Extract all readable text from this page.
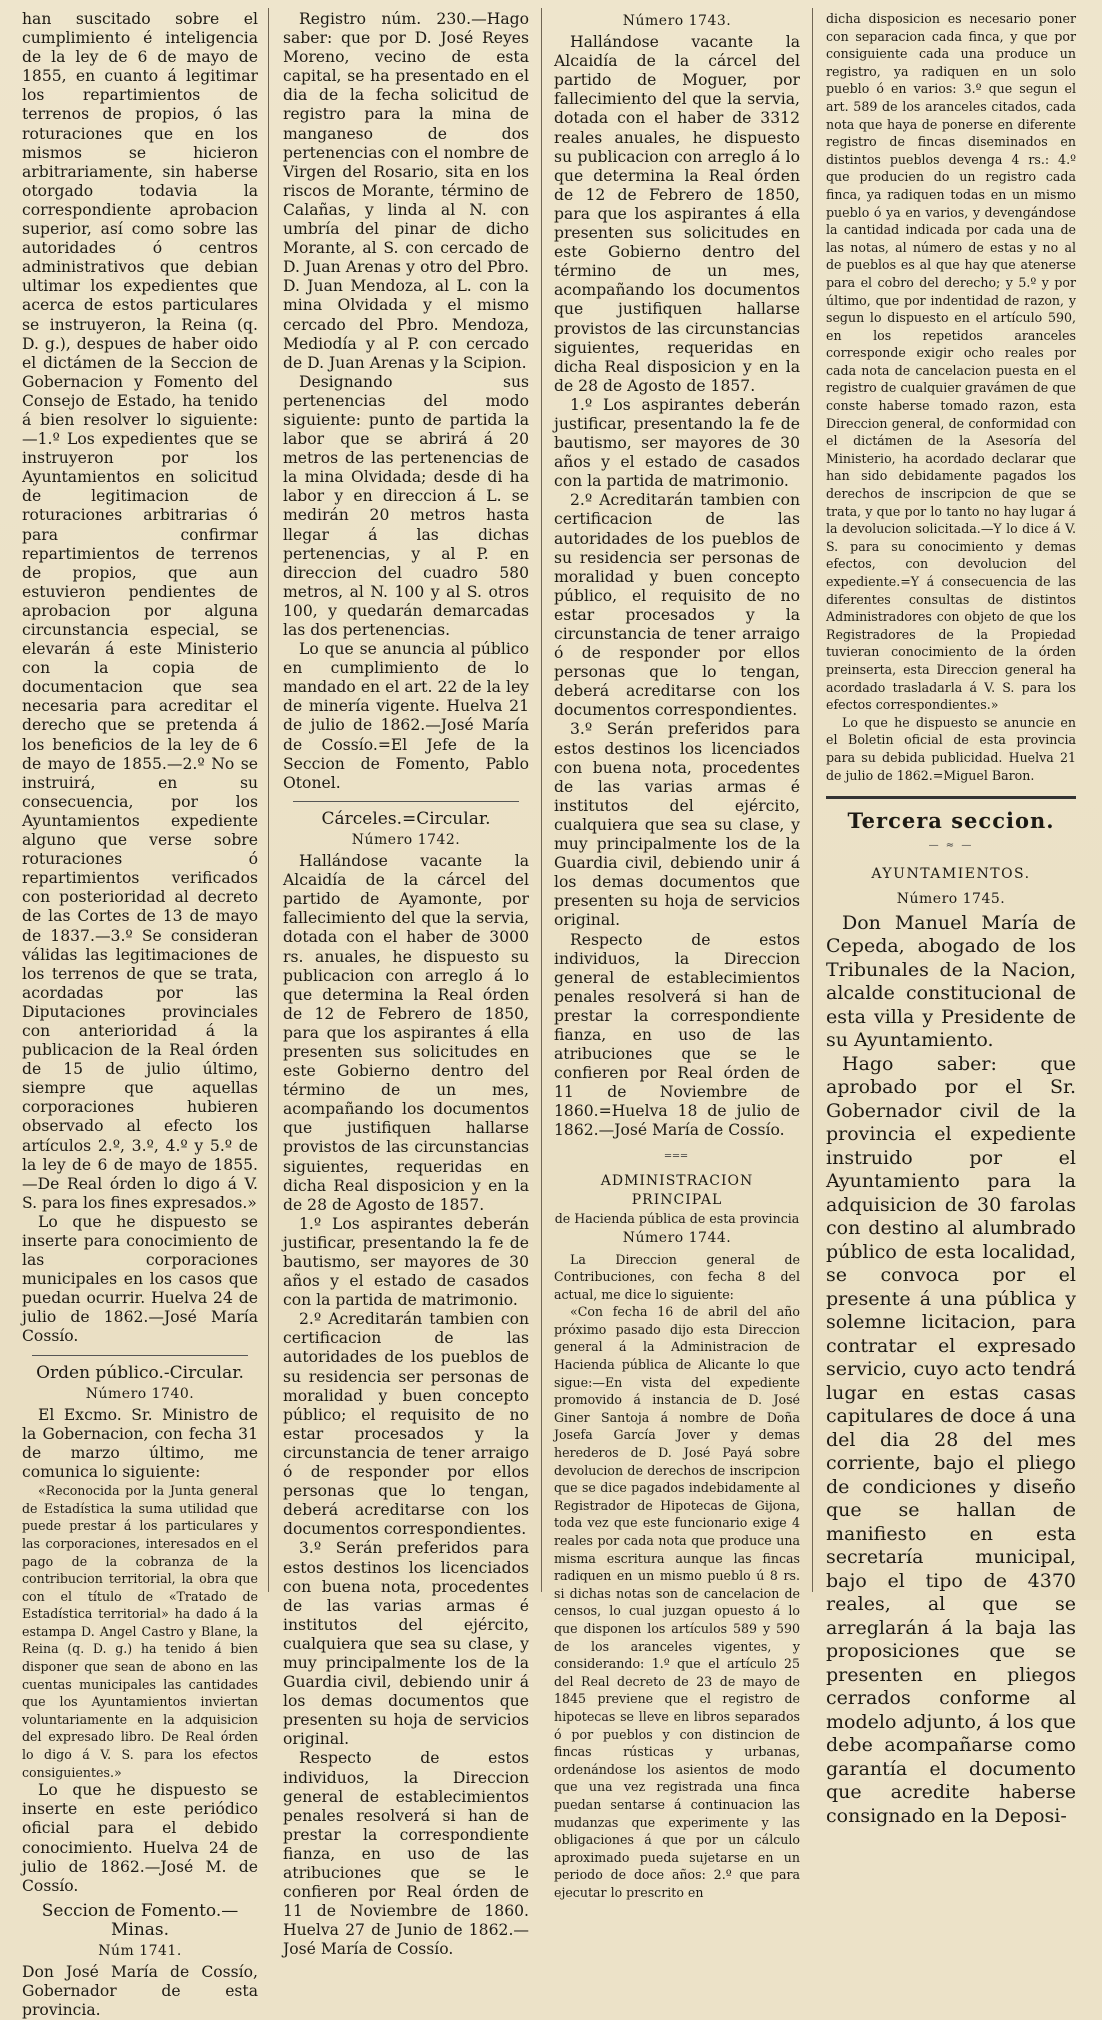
han suscitado sobre el cumplimiento é inteligencia de la ley de 6 de mayo de 1855, en cuanto á legitimar los repartimientos de terrenos de propios, ó las roturaciones que en los mismos se hicieron arbitrariamente, sin haberse otorgado todavia la correspondiente aprobacion superior, así como sobre las autoridades ó centros administrativos que debian ultimar los expedientes que acerca de estos particulares se instruyeron, la Reina (q. D. g.), despues de haber oido el dictámen de la Seccion de Gobernacion y Fomento del Consejo de Estado, ha tenido á bien resolver lo siguiente: —1.º Los expedientes que se instruyeron por los Ayuntamientos en solicitud de legitimacion de roturaciones arbitrarias ó para confirmar repartimientos de terrenos de propios, que aun estuvieron pendientes de aprobacion por alguna circunstancia especial, se elevarán á este Ministerio con la copia de documentacion que sea necesaria para acreditar el derecho que se pretenda á los beneficios de la ley de 6 de mayo de 1855.—2.º No se instruirá, en su consecuencia, por los Ayuntamientos expediente alguno que verse sobre roturaciones ó repartimientos verificados con posterioridad al decreto de las Cortes de 13 de mayo de 1837.—3.º Se consideran válidas las legitimaciones de los terrenos de que se trata, acordadas por las Diputaciones provinciales con anterioridad á la publicacion de la Real órden de 15 de julio último, siempre que aquellas corporaciones hubieren observado al efecto los artículos 2.º, 3.º, 4.º y 5.º de la ley de 6 de mayo de 1855.—De Real órden lo digo á V. S. para los fines expresados.»

Lo que he dispuesto se inserte para conocimiento de las corporaciones municipales en los casos que puedan ocurrir. Huelva 24 de julio de 1862.—José María Cossío.

Orden público.-Circular.

Número 1740.

El Excmo. Sr. Ministro de la Gobernacion, con fecha 31 de marzo último, me comunica lo siguiente:

«Reconocida por la Junta general de Estadística la suma utilidad que puede prestar á los particulares y las corporaciones, interesados en el pago de la cobranza de la contribucion territorial, la obra que con el título de «Tratado de Estadística territorial» ha dado á la estampa D. Angel Castro y Blane, la Reina (q. D. g.) ha tenido á bien disponer que sean de abono en las cuentas municipales las cantidades que los Ayuntamientos inviertan voluntariamente en la adquisicion del expresado libro. De Real órden lo digo á V. S. para los efectos consiguientes.»

Lo que he dispuesto se inserte en este periódico oficial para el debido conocimiento. Huelva 24 de julio de 1862.—José M. de Cossío.

Seccion de Fomento.—Minas.

Núm 1741.

Don José María de Cossío, Gobernador de esta provincia.

Registro núm. 230.—Hago saber: que por D. José Reyes Moreno, vecino de esta capital, se ha presentado en el dia de la fecha solicitud de registro para la mina de manganeso de dos pertenencias con el nombre de Virgen del Rosario, sita en los riscos de Morante, término de Calañas, y linda al N. con umbría del pinar de dicho Morante, al S. con cercado de D. Juan Arenas y otro del Pbro. D. Juan Mendoza, al L. con la mina Olvidada y el mismo cercado del Pbro. Mendoza, Mediodía y al P. con cercado de D. Juan Arenas y la Scipion.

Designando sus pertenencias del modo siguiente: punto de partida la labor que se abrirá á 20 metros de las pertenencias de la mina Olvidada; desde di ha labor y en direccion á L. se medirán 20 metros hasta llegar á las dichas pertenencias, y al P. en direccion del cuadro 580 metros, al N. 100 y al S. otros 100, y quedarán demarcadas las dos pertenencias.

Lo que se anuncia al público en cumplimiento de lo mandado en el art. 22 de la ley de minería vigente. Huelva 21 de julio de 1862.—José María de Cossío.=El Jefe de la Seccion de Fomento, Pablo Otonel.

Cárceles.=Circular.

Número 1742.

Hallándose vacante la Alcaidía de la cárcel del partido de Ayamonte, por fallecimiento del que la servia, dotada con el haber de 3000 rs. anuales, he dispuesto su publicacion con arreglo á lo que determina la Real órden de 12 de Febrero de 1850, para que los aspirantes á ella presenten sus solicitudes en este Gobierno dentro del término de un mes, acompañando los documentos que justifiquen hallarse provistos de las circunstancias siguientes, requeridas en dicha Real disposicion y en la de 28 de Agosto de 1857.

1.º Los aspirantes deberán justificar, presentando la fe de bautismo, ser mayores de 30 años y el estado de casados con la partida de matrimonio.

2.º Acreditarán tambien con certificacion de las autoridades de los pueblos de su residencia ser personas de moralidad y buen concepto público; el requisito de no estar procesados y la circunstancia de tener arraigo ó de responder por ellos personas que lo tengan, deberá acreditarse con los documentos correspondientes.

3.º Serán preferidos para estos destinos los licenciados con buena nota, procedentes de las varias armas é institutos del ejército, cualquiera que sea su clase, y muy principalmente los de la Guardia civil, debiendo unir á los demas documentos que presenten su hoja de servicios original.

Respecto de estos individuos, la Direccion general de establecimientos penales resolverá si han de prestar la correspondiente fianza, en uso de las atribuciones que se le confieren por Real órden de 11 de Noviembre de 1860. Huelva 27 de Junio de 1862.—José María de Cossío.

Número 1743.

Hallándose vacante la Alcaidía de la cárcel del partido de Moguer, por fallecimiento del que la servia, dotada con el haber de 3312 reales anuales, he dispuesto su publicacion con arreglo á lo que determina la Real órden de 12 de Febrero de 1850, para que los aspirantes á ella presenten sus solicitudes en este Gobierno dentro del término de un mes, acompañando los documentos que justifiquen hallarse provistos de las circunstancias siguientes, requeridas en dicha Real disposicion y en la de 28 de Agosto de 1857.

1.º Los aspirantes deberán justificar, presentando la fe de bautismo, ser mayores de 30 años y el estado de casados con la partida de matrimonio.

2.º Acreditarán tambien con certificacion de las autoridades de los pueblos de su residencia ser personas de moralidad y buen concepto público, el requisito de no estar procesados y la circunstancia de tener arraigo ó de responder por ellos personas que lo tengan, deberá acreditarse con los documentos correspondientes.

3.º Serán preferidos para estos destinos los licenciados con buena nota, procedentes de las varias armas é institutos del ejército, cualquiera que sea su clase, y muy principalmente los de la Guardia civil, debiendo unir á los demas documentos que presenten su hoja de servicios original.

Respecto de estos individuos, la Direccion general de establecimientos penales resolverá si han de prestar la correspondiente fianza, en uso de las atribuciones que se le confieren por Real órden de 11 de Noviembre de 1860.=Huelva 18 de julio de 1862.—José María de Cossío.

═══

ADMINISTRACION PRINCIPAL

de Hacienda pública de esta provincia

Número 1744.

La Direccion general de Contribuciones, con fecha 8 del actual, me dice lo siguiente:

«Con fecha 16 de abril del año próximo pasado dijo esta Direccion general á la Administracion de Hacienda pública de Alicante lo que sigue:—En vista del expediente promovido á instancia de D. José Giner Santoja á nombre de Doña Josefa García Jover y demas herederos de D. José Payá sobre devolucion de derechos de inscripcion que se dice pagados indebidamente al Registrador de Hipotecas de Gijona, toda vez que este funcionario exige 4 reales por cada nota que produce una misma escritura aunque las fincas radiquen en un mismo pueblo ú 8 rs. si dichas notas son de cancelacion de censos, lo cual juzgan opuesto á lo que disponen los artículos 589 y 590 de los aranceles vigentes, y considerando: 1.º que el artículo 25 del Real decreto de 23 de mayo de 1845 previene que el registro de hipotecas se lleve en libros separados ó por pueblos y con distincion de fincas rústicas y urbanas, ordenándose los asientos de modo que una vez registrada una finca puedan sentarse á continuacion las mudanzas que experimente y las obligaciones á que por un cálculo aproximado pueda sujetarse en un periodo de doce años: 2.º que para ejecutar lo prescrito en

dicha disposicion es necesario poner con separacion cada finca, y que por consiguiente cada una produce un registro, ya radiquen en un solo pueblo ó en varios: 3.º que segun el art. 589 de los aranceles citados, cada nota que haya de ponerse en diferente registro de fincas diseminados en distintos pueblos devenga 4 rs.: 4.º que producien do un registro cada finca, ya radiquen todas en un mismo pueblo ó ya en varios, y devengándose la cantidad indicada por cada una de las notas, al número de estas y no al de pueblos es al que hay que atenerse para el cobro del derecho; y 5.º y por último, que por indentidad de razon, y segun lo dispuesto en el artículo 590, en los repetidos aranceles corresponde exigir ocho reales por cada nota de cancelacion puesta en el registro de cualquier gravámen de que conste haberse tomado razon, esta Direccion general, de conformidad con el dictámen de la Asesoría del Ministerio, ha acordado declarar que han sido debidamente pagados los derechos de inscripcion de que se trata, y que por lo tanto no hay lugar á la devolucion solicitada.—Y lo dice á V. S. para su conocimiento y demas efectos, con devolucion del expediente.=Y á consecuencia de las diferentes consultas de distintos Administradores con objeto de que los Registradores de la Propiedad tuvieran conocimiento de la órden preinserta, esta Direccion general ha acordado trasladarla á V. S. para los efectos correspondientes.»

Lo que he dispuesto se anuncie en el Boletin oficial de esta provincia para su debida publicidad. Huelva 21 de julio de 1862.=Miguel Baron.

Tercera seccion.

— ≈ —

AYUNTAMIENTOS.

Número 1745.

Don Manuel María de Cepeda, abogado de los Tribunales de la Nacion, alcalde constitucional de esta villa y Presidente de su Ayuntamiento.

Hago saber: que aprobado por el Sr. Gobernador civil de la provincia el expediente instruido por el Ayuntamiento para la adquisicion de 30 farolas con destino al alumbrado público de esta localidad, se convoca por el presente á una pública y solemne licitacion, para contratar el expresado servicio, cuyo acto tendrá lugar en estas casas capitulares de doce á una del dia 28 del mes corriente, bajo el pliego de condiciones y diseño que se hallan de manifiesto en esta secretaría municipal, bajo el tipo de 4370 reales, al que se arreglarán á la baja las proposiciones que se presenten en pliegos cerrados conforme al modelo adjunto, á los que debe acompañarse como garantía el documento que acredite haberse consignado en la Deposi-
